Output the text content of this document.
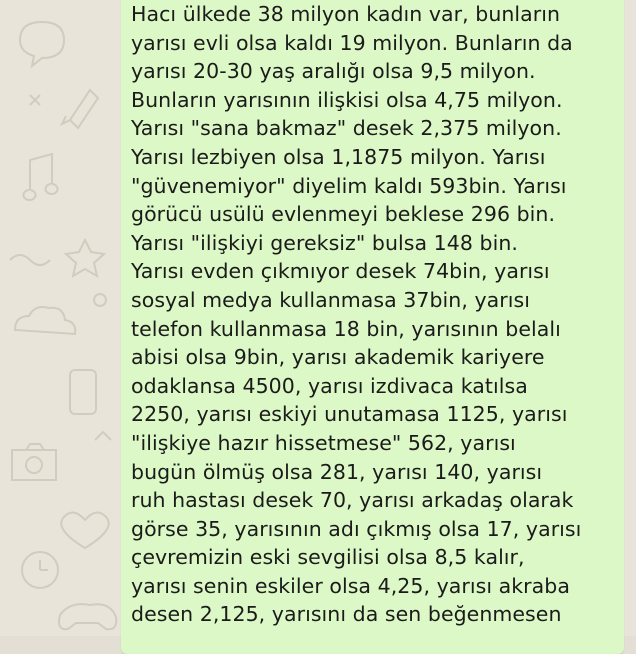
Hacı ülkede 38 milyon kadın var, bunların
yarısı evli olsa kaldı 19 milyon. Bunların da
yarısı 20-30 yaş aralığı olsa 9,5 milyon.
Bunların yarısının ilişkisi olsa 4,75 milyon.
Yarısı "sana bakmaz" desek 2,375 milyon.
Yarısı lezbiyen olsa 1,1875 milyon. Yarısı
"güvenemiyor" diyelim kaldı 593bin. Yarısı
görücü usülü evlenmeyi beklese 296 bin.
Yarısı "ilişkiyi gereksiz" bulsa 148 bin.
Yarısı evden çıkmıyor desek 74bin, yarısı
sosyal medya kullanmasa 37bin, yarısı
telefon kullanmasa 18 bin, yarısının belalı
abisi olsa 9bin, yarısı akademik kariyere
odaklansa 4500, yarısı izdivaca katılsa
2250, yarısı eskiyi unutamasa 1125, yarısı
"ilişkiye hazır hissetmese" 562, yarısı
bugün ölmüş olsa 281, yarısı 140, yarısı
ruh hastası desek 70, yarısı arkadaş olarak
görse 35, yarısının adı çıkmış olsa 17, yarısı
çevremizin eski sevgilisi olsa 8,5 kalır,
yarısı senin eskiler olsa 4,25, yarısı akraba
desen 2,125, yarısını da sen beğenmesen
